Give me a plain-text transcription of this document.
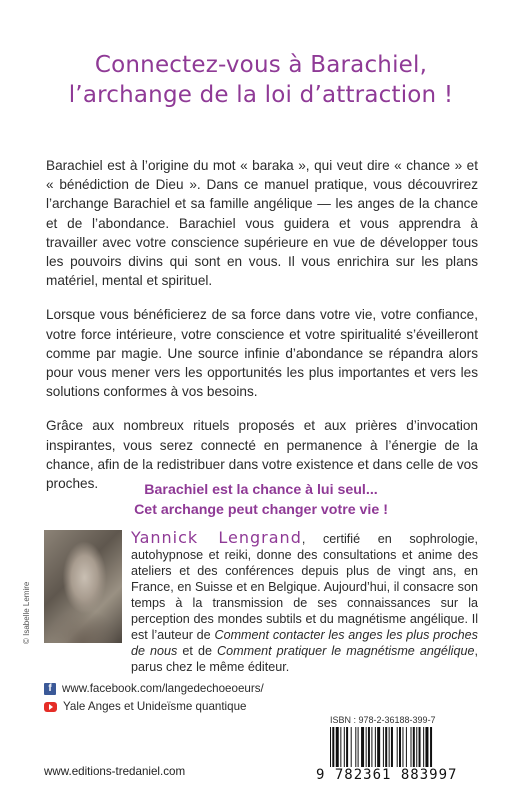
Connectez-vous à Barachiel,
l’archange de la loi d’attraction !

Barachiel est à l’origine du mot « baraka », qui veut dire « chance » et « bénédiction de Dieu ». Dans ce manuel pratique, vous découvrirez l’archange Barachiel et sa famille angélique — les anges de la chance et de l’abondance. Barachiel vous guidera et vous apprendra à travailler avec votre conscience supérieure en vue de développer tous les pouvoirs divins qui sont en vous. Il vous enrichira sur les plans matériel, mental et spirituel.

Lorsque vous bénéficierez de sa force dans votre vie, votre confiance, votre force intérieure, votre conscience et votre spiritualité s’éveilleront comme par magie. Une source infinie d’abondance se répandra alors pour vous mener vers les opportunités les plus importantes et vers les solutions conformes à vos besoins.

Grâce aux nombreux rituels proposés et aux prières d’invocation inspirantes, vous serez connecté en permanence à l’énergie de la chance, afin de la redistribuer dans votre existence et dans celle de vos proches.	Barachiel est la chance à lui seul...
Cet archange peut changer votre vie !
© Isabelle Lemire
Yannick Lengrand, certifié en sophrologie, autohypnose et reiki, donne des consultations et anime des ateliers et des conférences depuis plus de vingt ans, en France, en Suisse et en Belgique. Aujourd’hui, il consacre son temps à la transmission de ses connaissances sur la perception des mondes subtils et du magnétisme angélique. Il est l’auteur de Comment contacter les anges les plus proches de nous et de Comment pratiquer le magnétisme angélique, parus chez le même éditeur.
f www.facebook.com/langedechoeoeurs/
Yale Anges et Unideïsme quantique
ISBN : 978-2-36188-399-7
9 782361 883997
www.editions-tredaniel.com
